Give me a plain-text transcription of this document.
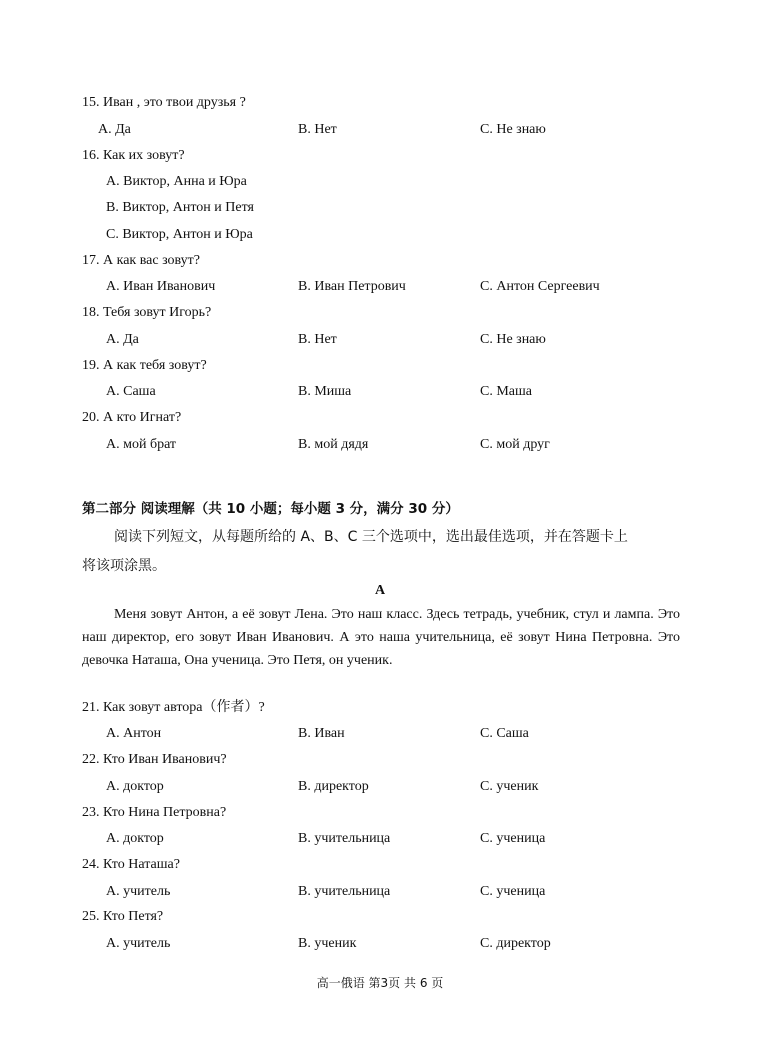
15. Иван , это твои друзья ?
A. Да	B. Нет	C. Не знаю
16. Как их зовут?
A. Виктор, Анна и Юра
B. Виктор, Антон и Петя
C. Виктор, Антон и Юра
17. А как вас зовут?
A. Иван Иванович	B. Иван Петрович	C. Антон Сергеевич
18. Тебя зовут Игорь?
A. Да	B. Нет	C. Не знаю
19. А как тебя зовут?
A. Саша	B. Миша	C. Маша
20. А кто Игнат?
A. мой брат	B. мой дядя	C. мой друг
第二部分 阅读理解（共 10 小题；每小题 3 分，满分 30 分）
阅读下列短文，从每题所给的 A、B、C 三个选项中，选出最佳选项，并在答题卡上
将该项涂黑。
A

Меня зовут Антон, а её зовут Лена. Это наш класс. Здесь тетрадь, учебник, стул и лампа. Это наш директор, его зовут Иван Иванович. А это наша учительница, её зовут Нина Петровна. Это девочка Наташа, Она ученица. Это Петя, он ученик.

21. Как зовут автора（作者）?
A. Антон	B. Иван	C. Саша
22. Кто Иван Иванович?
A. доктор	B. директор	C. ученик
23. Кто Нина Петровна?
A. доктор	B. учительница	C. ученица
24. Кто Наташа?
A. учитель	B. учительница	C. ученица
25. Кто Петя?
A. учитель	B. ученик	C. директор
高一俄语 第3页 共 6 页
